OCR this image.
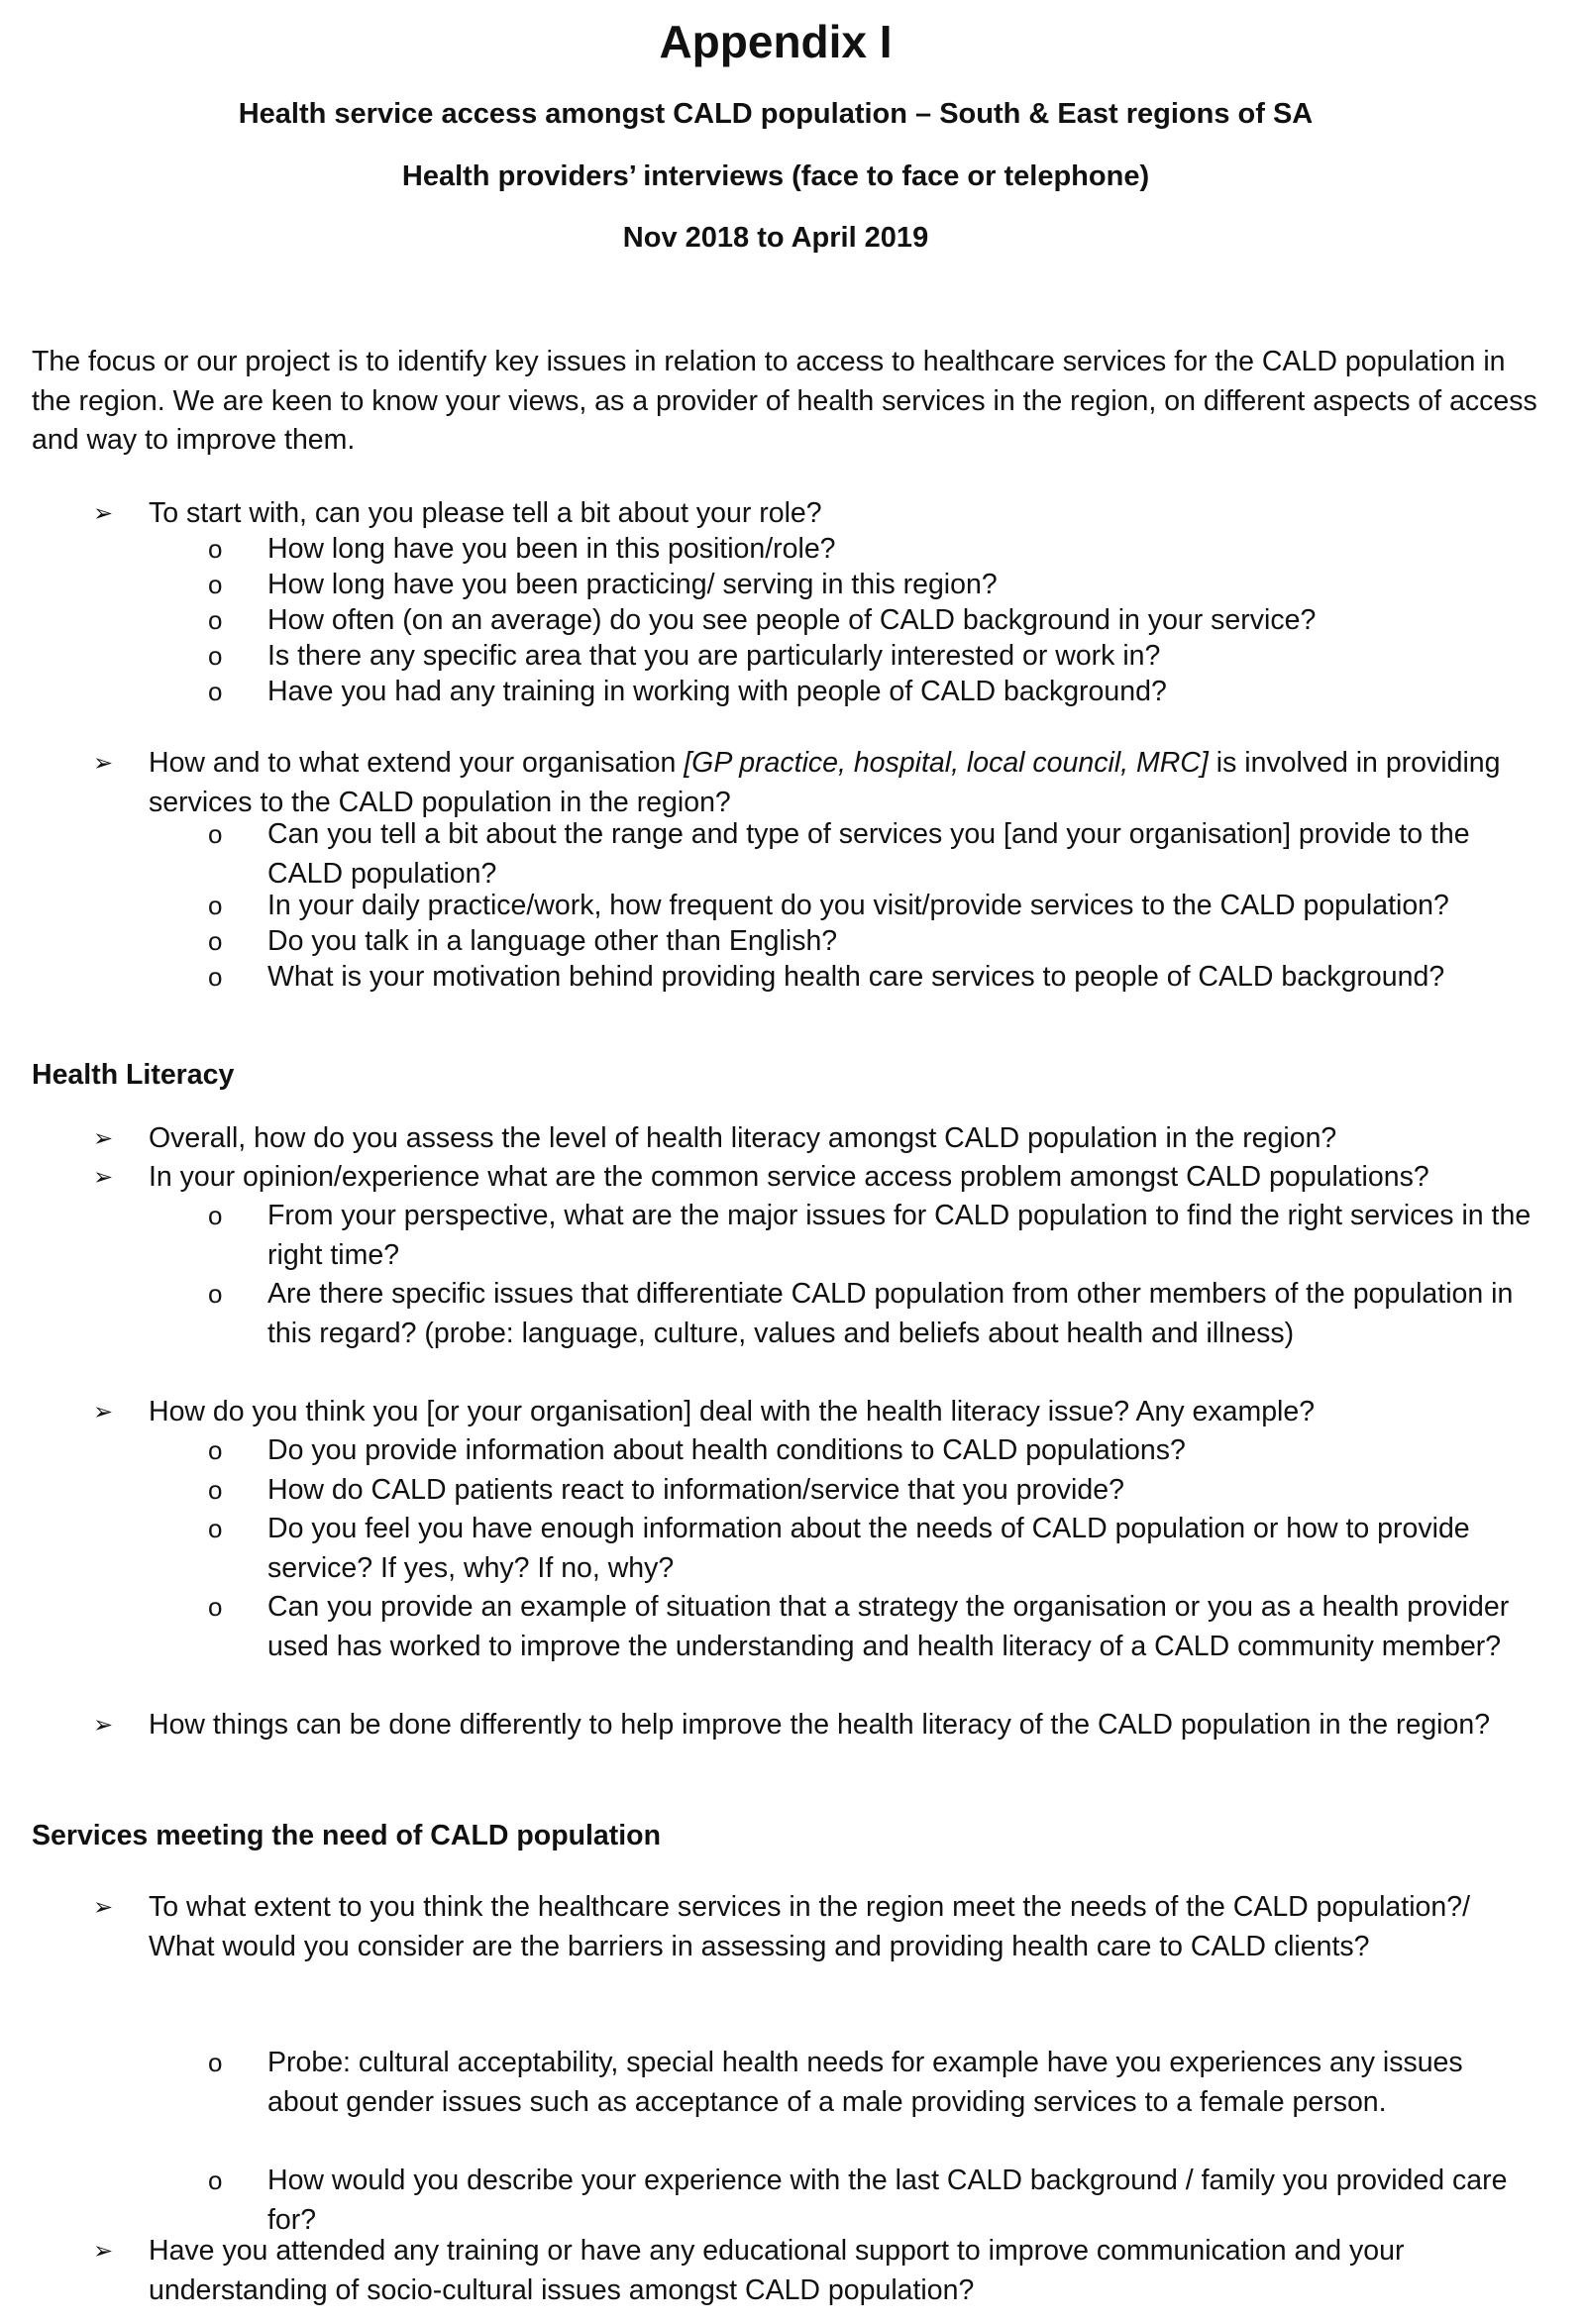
Appendix I
Health service access amongst CALD population – South & East regions of SA
Health providers’ interviews (face to face or telephone)
Nov 2018 to April 2019

The focus or our project is to identify key issues in relation to access to healthcare services for the CALD population in the region. We are keen to know your views, as a provider of health services in the region, on different aspects of access and way to improve them.

➢ To start with, can you please tell a bit about your role?
o How long have you been in this position/role?
o How long have you been practicing/ serving in this region?
o How often (on an average) do you see people of CALD background in your service?
o Is there any specific area that you are particularly interested or work in?
o Have you had any training in working with people of CALD background?
➢ How and to what extend your organisation [GP practice, hospital, local council, MRC] is involved in providing services to the CALD population in the region?
o Can you tell a bit about the range and type of services you [and your organisation] provide to the CALD population?
o In your daily practice/work, how frequent do you visit/provide services to the CALD population?
o Do you talk in a language other than English?
o What is your motivation behind providing health care services to people of CALD background?
Health Literacy
➢ Overall, how do you assess the level of health literacy amongst CALD population in the region?
➢ In your opinion/experience what are the common service access problem amongst CALD populations?
o From your perspective, what are the major issues for CALD population to find the right services in the right time?
o Are there specific issues that differentiate CALD population from other members of the population in this regard? (probe: language, culture, values and beliefs about health and illness)
➢ How do you think you [or your organisation] deal with the health literacy issue? Any example?
o Do you provide information about health conditions to CALD populations?
o How do CALD patients react to information/service that you provide?
o Do you feel you have enough information about the needs of CALD population or how to provide service? If yes, why? If no, why?
o Can you provide an example of situation that a strategy the organisation or you as a health provider used has worked to improve the understanding and health literacy of a CALD community member?
➢ How things can be done differently to help improve the health literacy of the CALD population in the region?
Services meeting the need of CALD population
➢ To what extent to you think the healthcare services in the region meet the needs of the CALD population?/ What would you consider are the barriers in assessing and providing health care to CALD clients?
o Probe: cultural acceptability, special health needs for example have you experiences any issues about gender issues such as acceptance of a male providing services to a female person.
o How would you describe your experience with the last CALD background / family you provided care for?
➢ Have you attended any training or have any educational support to improve communication and your understanding of socio-cultural issues amongst CALD population?
